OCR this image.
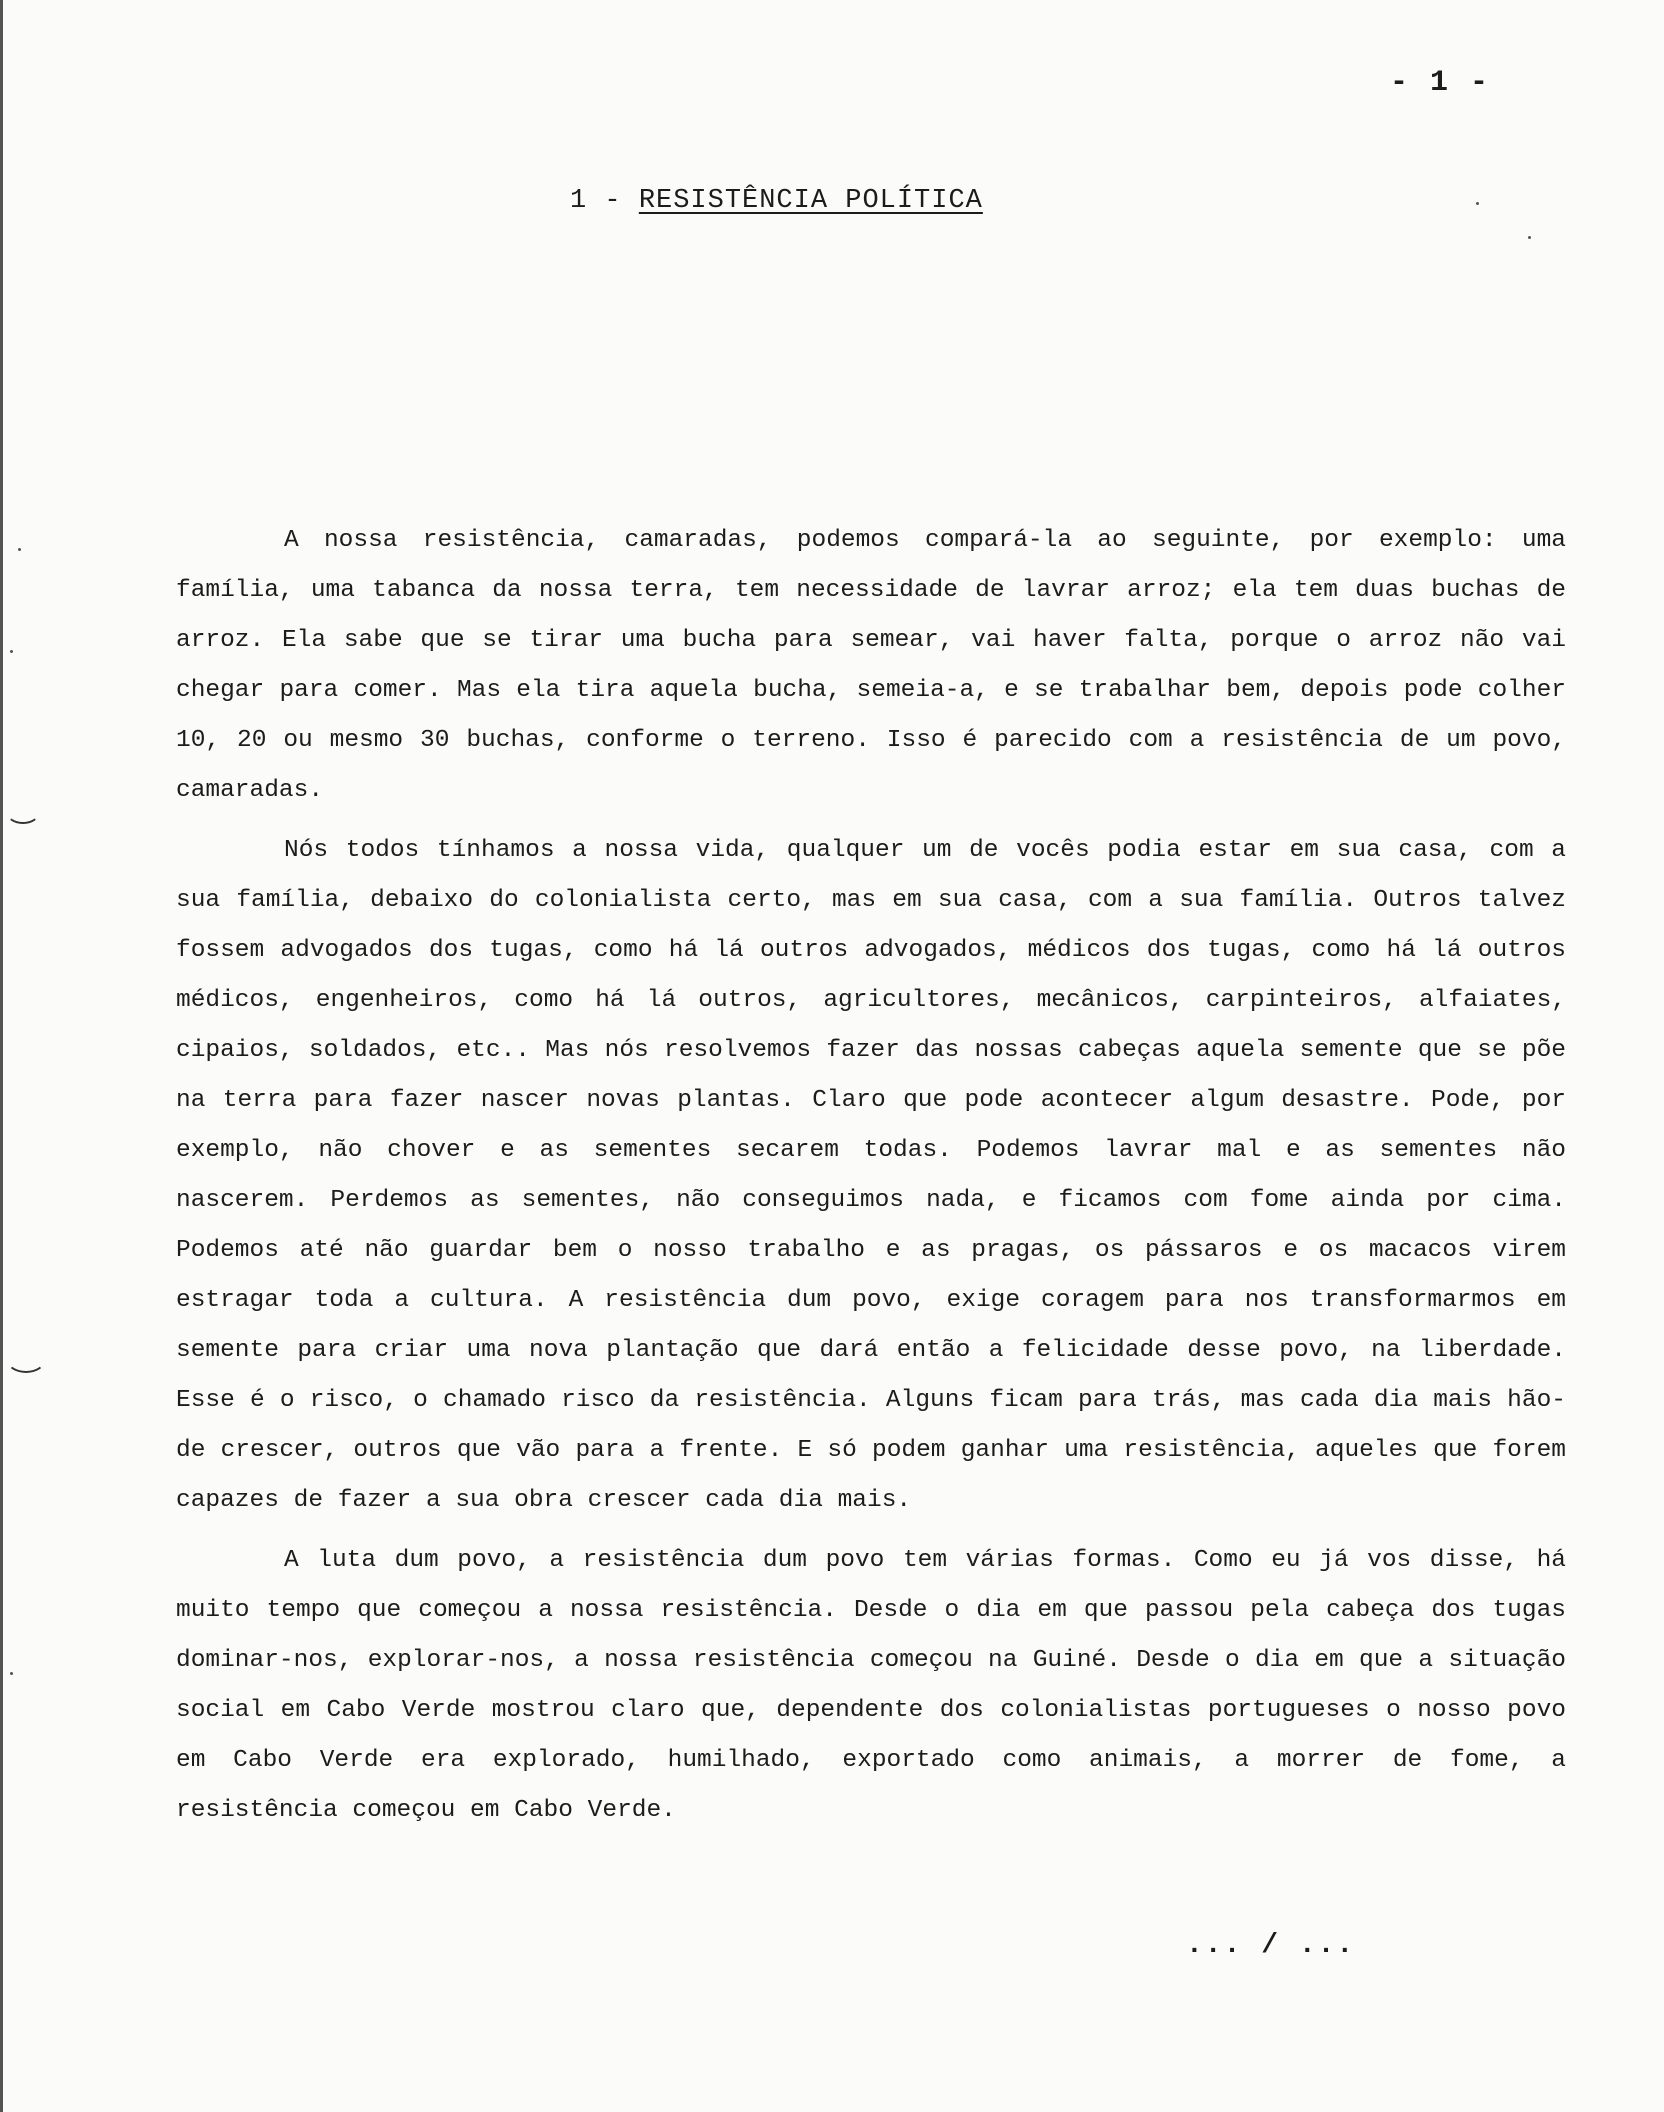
- 1 -
1 - RESISTÊNCIA POLÍTICA

A nossa resistência, camaradas, podemos compará-la ao seguinte, por exemplo: uma família, uma tabanca da nossa terra, tem necessidade de lavrar arroz; ela tem duas buchas de arroz. Ela sabe que se tirar uma bucha para semear, vai haver falta, porque o arroz não vai chegar para comer. Mas ela tira aquela bucha, semeia-a, e se trabalhar bem, depois pode colher 10, 20 ou mesmo 30 buchas, conforme o terreno. Isso é parecido com a resistência de um povo, camaradas.

Nós todos tínhamos a nossa vida, qualquer um de vocês podia estar em sua casa, com a sua família, debaixo do colonialista certo, mas em sua casa, com a sua família. Outros talvez fossem advogados dos tugas, como há lá outros advogados, médicos dos tugas, como há lá outros médicos, engenheiros, como há lá outros, agricultores, mecânicos, carpinteiros, alfaiates, cipaios, soldados, etc.. Mas nós resolvemos fazer das nossas cabeças aquela semente que se põe na terra para fazer nascer novas plantas. Claro que pode acontecer algum desastre. Pode, por exemplo, não chover e as sementes secarem todas. Podemos lavrar mal e as sementes não nascerem. Perdemos as sementes, não conseguimos nada, e ficamos com fome ainda por cima. Podemos até não guardar bem o nosso trabalho e as pragas, os pássaros e os macacos virem estragar toda a cultura. A resistência dum povo, exige coragem para nos transformarmos em semente para criar uma nova plantação que dará então a felicidade desse povo, na liberdade. Esse é o risco, o chamado risco da resistência. Alguns ficam para trás, mas cada dia mais hão-de crescer, outros que vão para a frente. E só podem ganhar uma resistência, aqueles que forem capazes de fazer a sua obra crescer cada dia mais.

A luta dum povo, a resistência dum povo tem várias formas. Como eu já vos disse, há muito tempo que começou a nossa resistência. Desde o dia em que passou pela cabeça dos tugas dominar-nos, explorar-nos, a nossa resistência começou na Guiné. Desde o dia em que a situação social em Cabo Verde mostrou claro que, dependente dos colonialistas portugueses o nosso povo em Cabo Verde era explorado, humilhado, exportado como animais, a morrer de fome, a resistência começou em Cabo Verde.

... / ...
